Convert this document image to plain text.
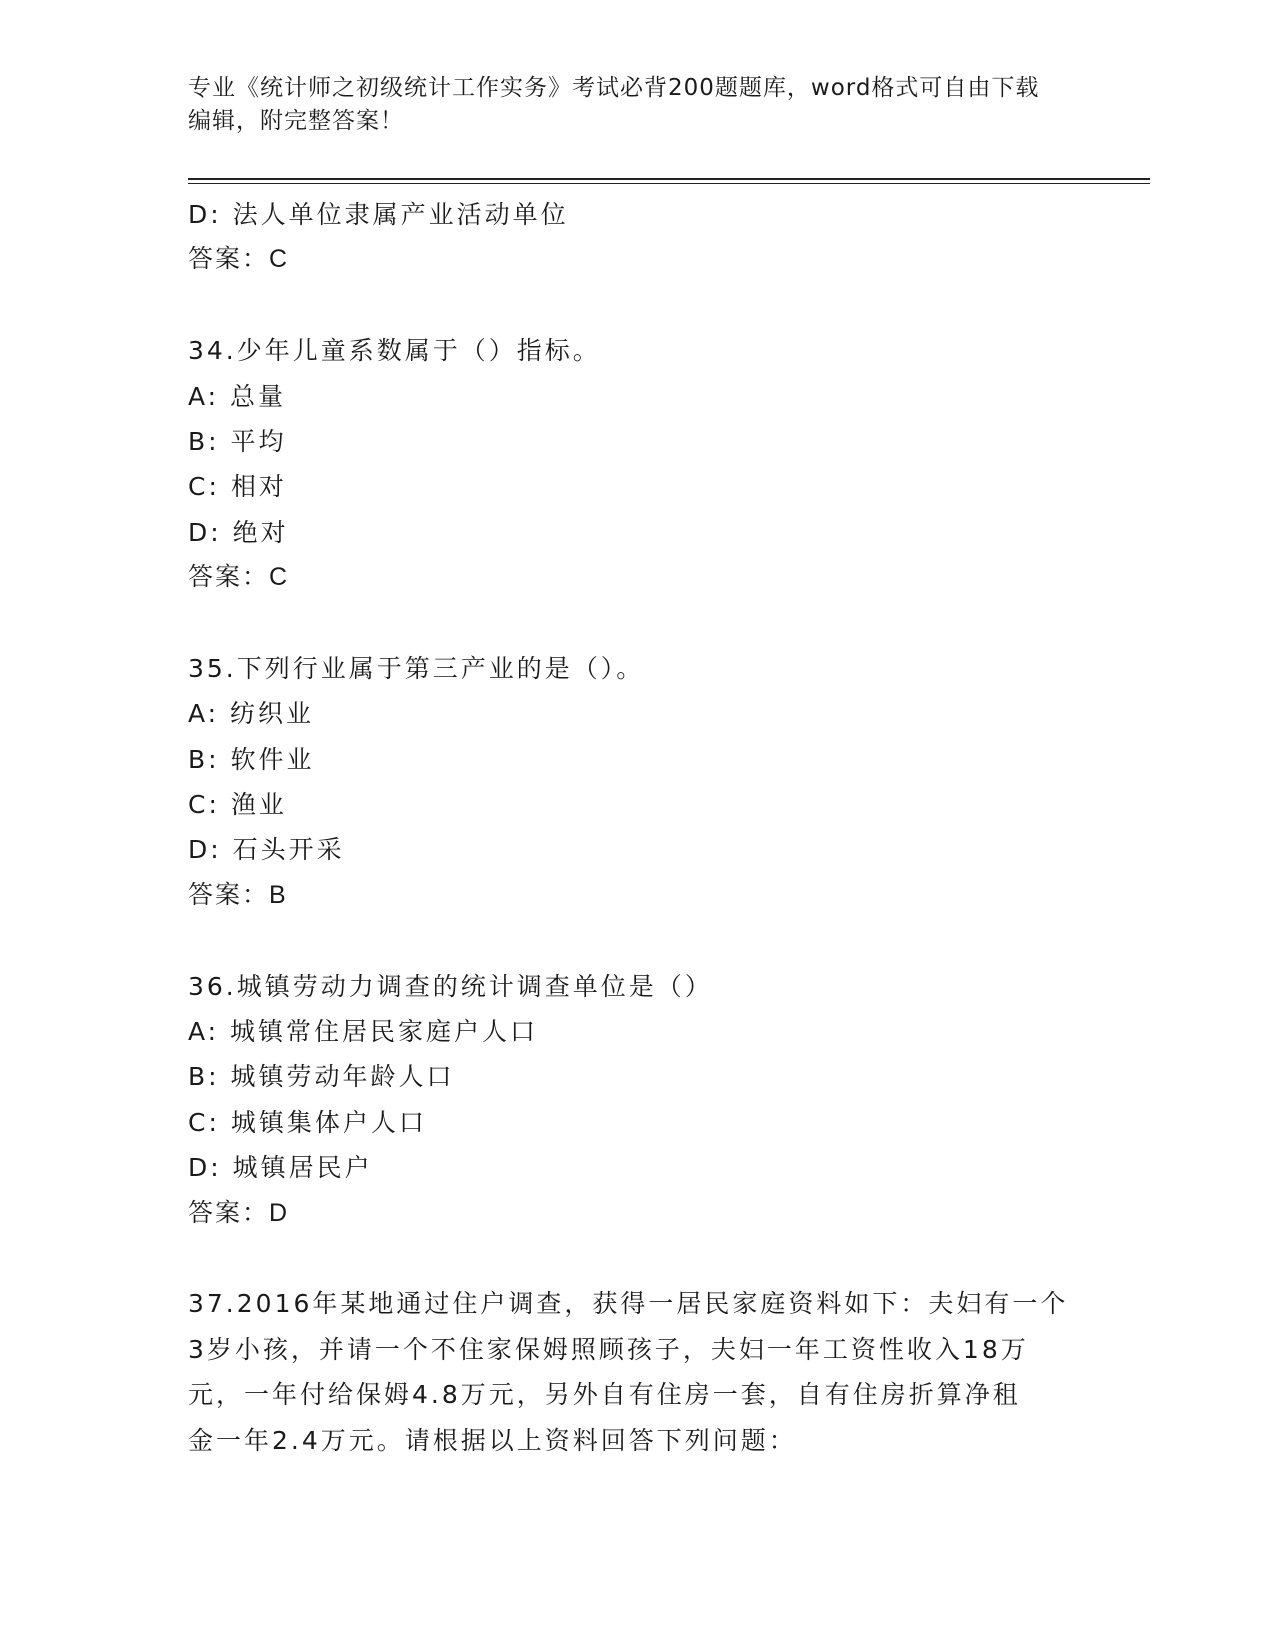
专业《统计师之初级统计工作实务》考试必背200题题库，word格式可自由下载
编辑，附完整答案！
D: 法人单位隶属产业活动单位
答案：C
34.少年儿童系数属于（）指标。
A: 总量
B: 平均
C: 相对
D: 绝对
答案：C
35.下列行业属于第三产业的是（）。
A: 纺织业
B: 软件业
C: 渔业
D: 石头开采
答案：B
36.城镇劳动力调查的统计调查单位是（）
A: 城镇常住居民家庭户人口
B: 城镇劳动年龄人口
C: 城镇集体户人口
D: 城镇居民户
答案：D
37.2016年某地通过住户调查，获得一居民家庭资料如下：夫妇有一个
3岁小孩，并请一个不住家保姆照顾孩子，夫妇一年工资性收入18万
元，一年付给保姆4.8万元，另外自有住房一套，自有住房折算净租
金一年2.4万元。请根据以上资料回答下列问题：
